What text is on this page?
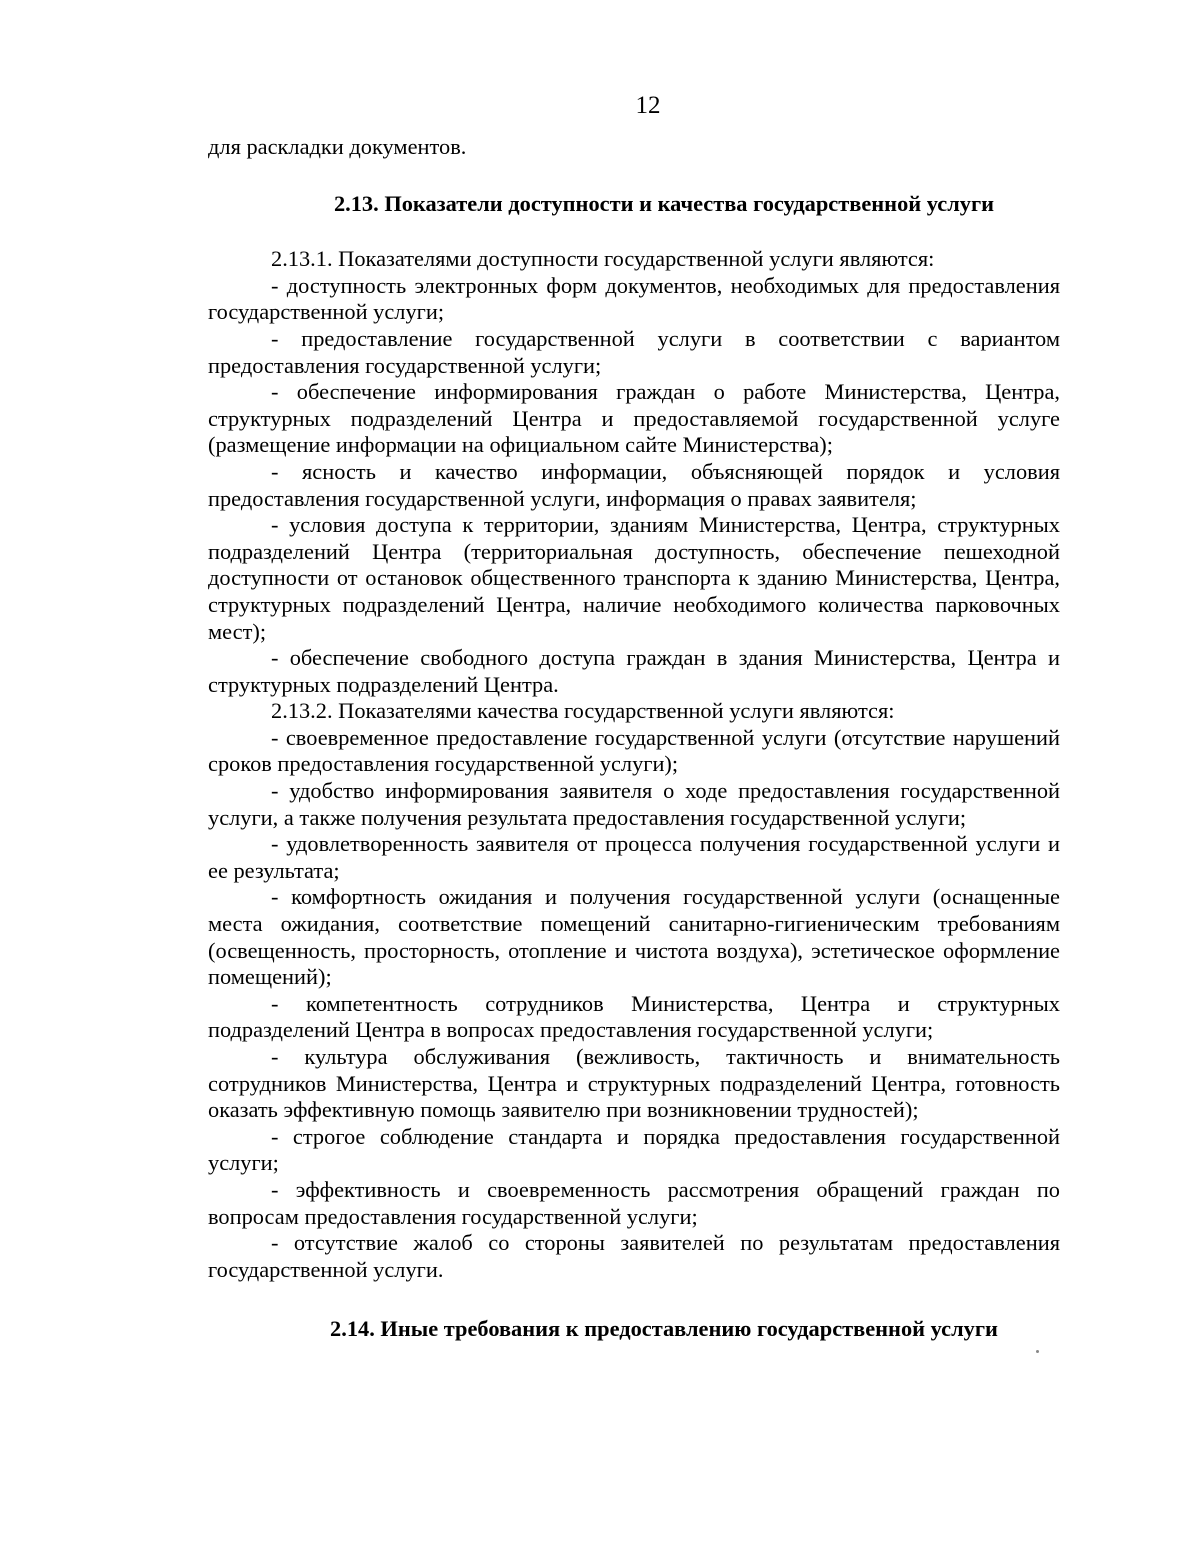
12

для раскладки документов.

2.13. Показатели доступности и качества государственной услуги

2.13.1. Показателями доступности государственной услуги являются:

- доступность электронных форм документов, необходимых для предоставления государственной услуги;

- предоставление государственной услуги в соответствии с вариантом предоставления государственной услуги;

- обеспечение информирования граждан о работе Министерства, Центра, структурных подразделений Центра и предоставляемой государственной услуге (размещение информации на официальном сайте Министерства);

- ясность и качество информации, объясняющей порядок и условия предоставления государственной услуги, информация о правах заявителя;

- условия доступа к территории, зданиям Министерства, Центра, структурных подразделений Центра (территориальная доступность, обеспечение пешеходной доступности от остановок общественного транспорта к зданию Министерства, Центра, структурных подразделений Центра, наличие необходимого количества парковочных мест);

- обеспечение свободного доступа граждан в здания Министерства, Центра и структурных подразделений Центра.

2.13.2. Показателями качества государственной услуги являются:

- своевременное предоставление государственной услуги (отсутствие нарушений сроков предоставления государственной услуги);

- удобство информирования заявителя о ходе предоставления государственной услуги, а также получения результата предоставления государственной услуги;

- удовлетворенность заявителя от процесса получения государственной услуги и ее результата;

- комфортность ожидания и получения государственной услуги (оснащенные места ожидания, соответствие помещений санитарно-гигиеническим требованиям (освещенность, просторность, отопление и чистота воздуха), эстетическое оформление помещений);

- компетентность сотрудников Министерства, Центра и структурных подразделений Центра в вопросах предоставления государственной услуги;

- культура обслуживания (вежливость, тактичность и внимательность сотрудников Министерства, Центра и структурных подразделений Центра, готовность оказать эффективную помощь заявителю при возникновении трудностей);

- строгое соблюдение стандарта и порядка предоставления государственной услуги;

- эффективность и своевременность рассмотрения обращений граждан по вопросам предоставления государственной услуги;

- отсутствие жалоб со стороны заявителей по результатам предоставления государственной услуги.

2.14. Иные требования к предоставлению государственной услуги
